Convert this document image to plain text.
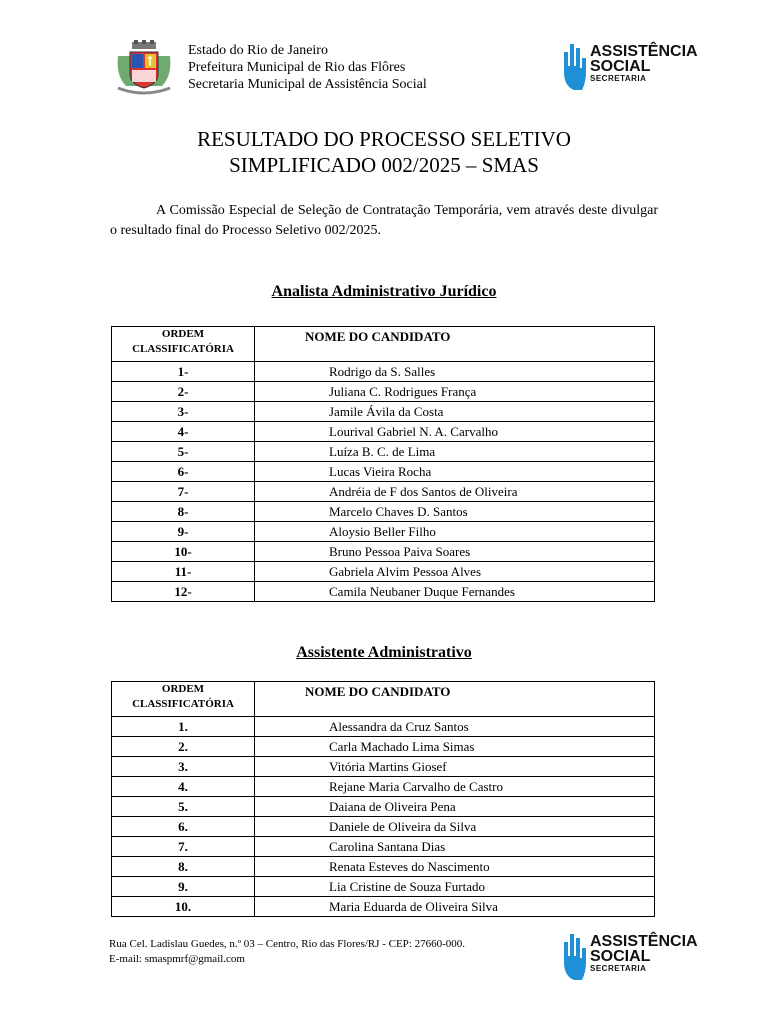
Estado do Rio de Janeiro
Prefeitura Municipal de Rio das Flôres
Secretaria Municipal de Assistência Social
ASSISTÊNCIA
SOCIAL
SECRETARIA
RESULTADO DO PROCESSO SELETIVO
SIMPLIFICADO 002/2025 – SMAS
A Comissão Especial de Seleção de Contratação Temporária, vem através deste divulgar o resultado final do Processo Seletivo 002/2025.
Analista Administrativo Jurídico
ORDEM
CLASSIFICATÓRIA	NOME DO CANDIDATO
1-	Rodrigo da S. Salles
2-	Juliana C. Rodrigues França
3-	Jamile Ávila da Costa
4-	Lourival Gabriel N. A. Carvalho
5-	Luíza B. C. de Lima
6-	Lucas Vieira Rocha
7-	Andréia de F dos Santos de Oliveira
8-	Marcelo Chaves D. Santos
9-	Aloysio Beller Filho
10-	Bruno Pessoa Paiva Soares
11-	Gabriela Alvim Pessoa Alves
12-	Camila Neubaner Duque Fernandes
Assistente Administrativo
ORDEM
CLASSIFICATÓRIA	NOME DO CANDIDATO
1.	Alessandra da Cruz Santos
2.	Carla Machado Lima Simas
3.	Vitória Martins Giosef
4.	Rejane Maria Carvalho de Castro
5.	Daiana de Oliveira Pena
6.	Daniele de Oliveira da Silva
7.	Carolina Santana Dias
8.	Renata Esteves do Nascimento
9.	Lia Cristine de Souza Furtado
10.	Maria Eduarda de Oliveira Silva
Rua Cel. Ladislau Guedes, n.º 03 – Centro, Rio das Flores/RJ - CEP: 27660-000.
E-mail: smaspmrf@gmail.com
ASSISTÊNCIA
SOCIAL
SECRETARIA
